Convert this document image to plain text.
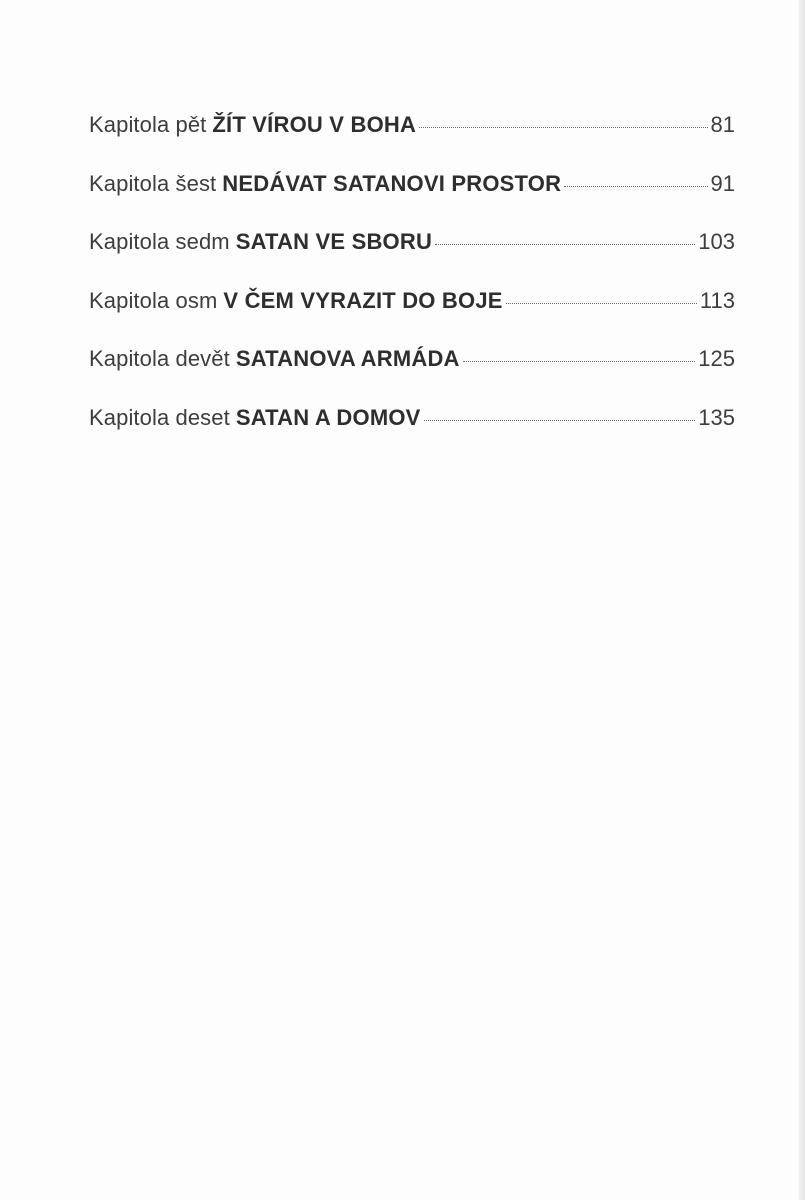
Kapitola pět ŽÍT VÍROU V BOHA	81
Kapitola šest NEDÁVAT SATANOVI PROSTOR	91
Kapitola sedm SATAN VE SBORU	103
Kapitola osm V ČEM VYRAZIT DO BOJE	113
Kapitola devět SATANOVA ARMÁDA	125
Kapitola deset SATAN A DOMOV	135
